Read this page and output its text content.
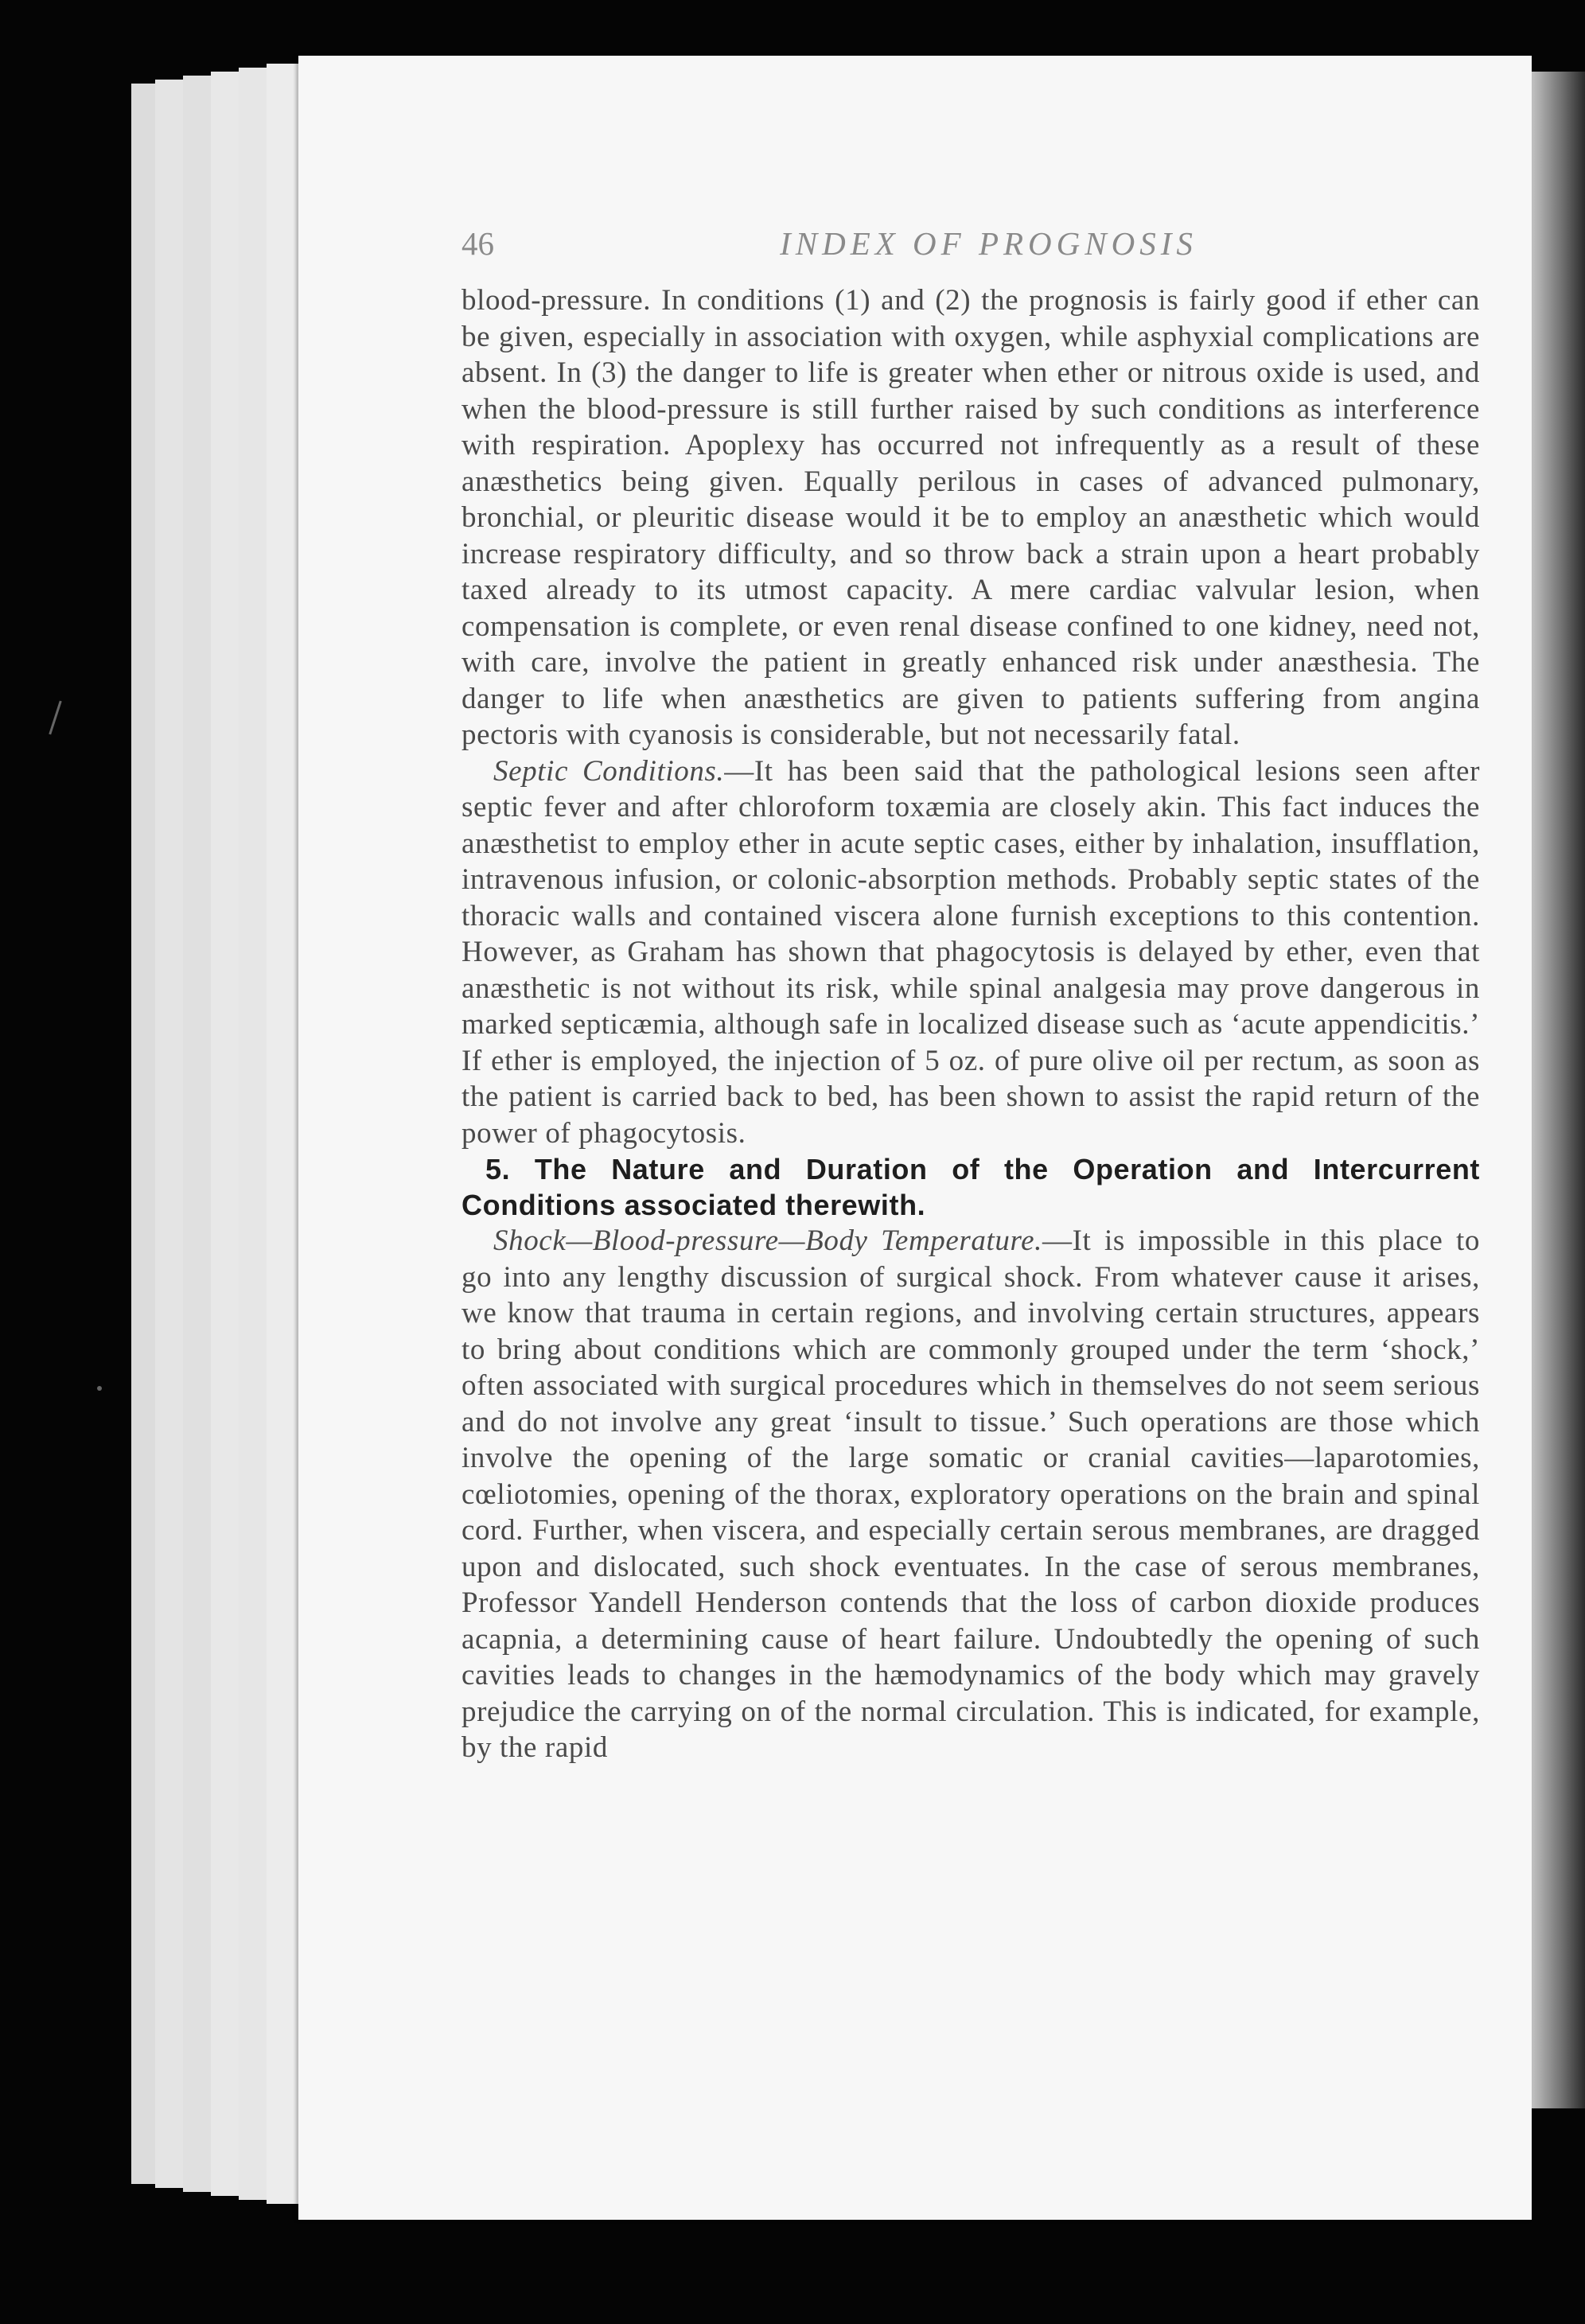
46	INDEX OF PROGNOSIS

blood-pressure. In conditions (1) and (2) the prognosis is fairly good if ether can be given, especially in association with oxygen, while asphyxial complications are absent. In (3) the danger to life is greater when ether or nitrous oxide is used, and when the blood-pressure is still further raised by such conditions as interference with respiration. Apoplexy has occurred not infrequently as a result of these anæsthetics being given. Equally perilous in cases of advanced pulmonary, bronchial, or pleuritic disease would it be to employ an anæsthetic which would increase respiratory difficulty, and so throw back a strain upon a heart probably taxed already to its utmost capacity. A mere cardiac valvular lesion, when compensation is complete, or even renal disease confined to one kidney, need not, with care, involve the patient in greatly enhanced risk under anæsthesia. The danger to life when anæsthetics are given to patients suffering from angina pectoris with cyanosis is considerable, but not necessarily fatal.

Septic Conditions.—It has been said that the pathological lesions seen after septic fever and after chloroform toxæmia are closely akin. This fact induces the anæsthetist to employ ether in acute septic cases, either by inhalation, insufflation, intravenous infusion, or colonic-absorption methods. Probably septic states of the thoracic walls and contained viscera alone furnish exceptions to this contention. However, as Graham has shown that phagocytosis is delayed by ether, even that anæsthetic is not without its risk, while spinal analgesia may prove dangerous in marked septicæmia, although safe in localized disease such as ‘acute appendicitis.’ If ether is employed, the injection of 5 oz. of pure olive oil per rectum, as soon as the patient is carried back to bed, has been shown to assist the rapid return of the power of phagocytosis.

5. The Nature and Duration of the Operation and Intercurrent Conditions associated therewith.

Shock—Blood-pressure—Body Temperature.—It is impossible in this place to go into any lengthy discussion of surgical shock. From whatever cause it arises, we know that trauma in certain regions, and involving certain structures, appears to bring about conditions which are commonly grouped under the term ‘shock,’ often associated with surgical procedures which in themselves do not seem serious and do not involve any great ‘insult to tissue.’ Such operations are those which involve the opening of the large somatic or cranial cavities—laparotomies, cœliotomies, opening of the thorax, exploratory operations on the brain and spinal cord. Further, when viscera, and especially certain serous membranes, are dragged upon and dislocated, such shock eventuates. In the case of serous membranes, Professor Yandell Henderson contends that the loss of carbon dioxide produces acapnia, a determining cause of heart failure. Undoubtedly the opening of such cavities leads to changes in the hæmodynamics of the body which may gravely prejudice the carrying on of the normal circulation. This is indicated, for example, by the rapid
